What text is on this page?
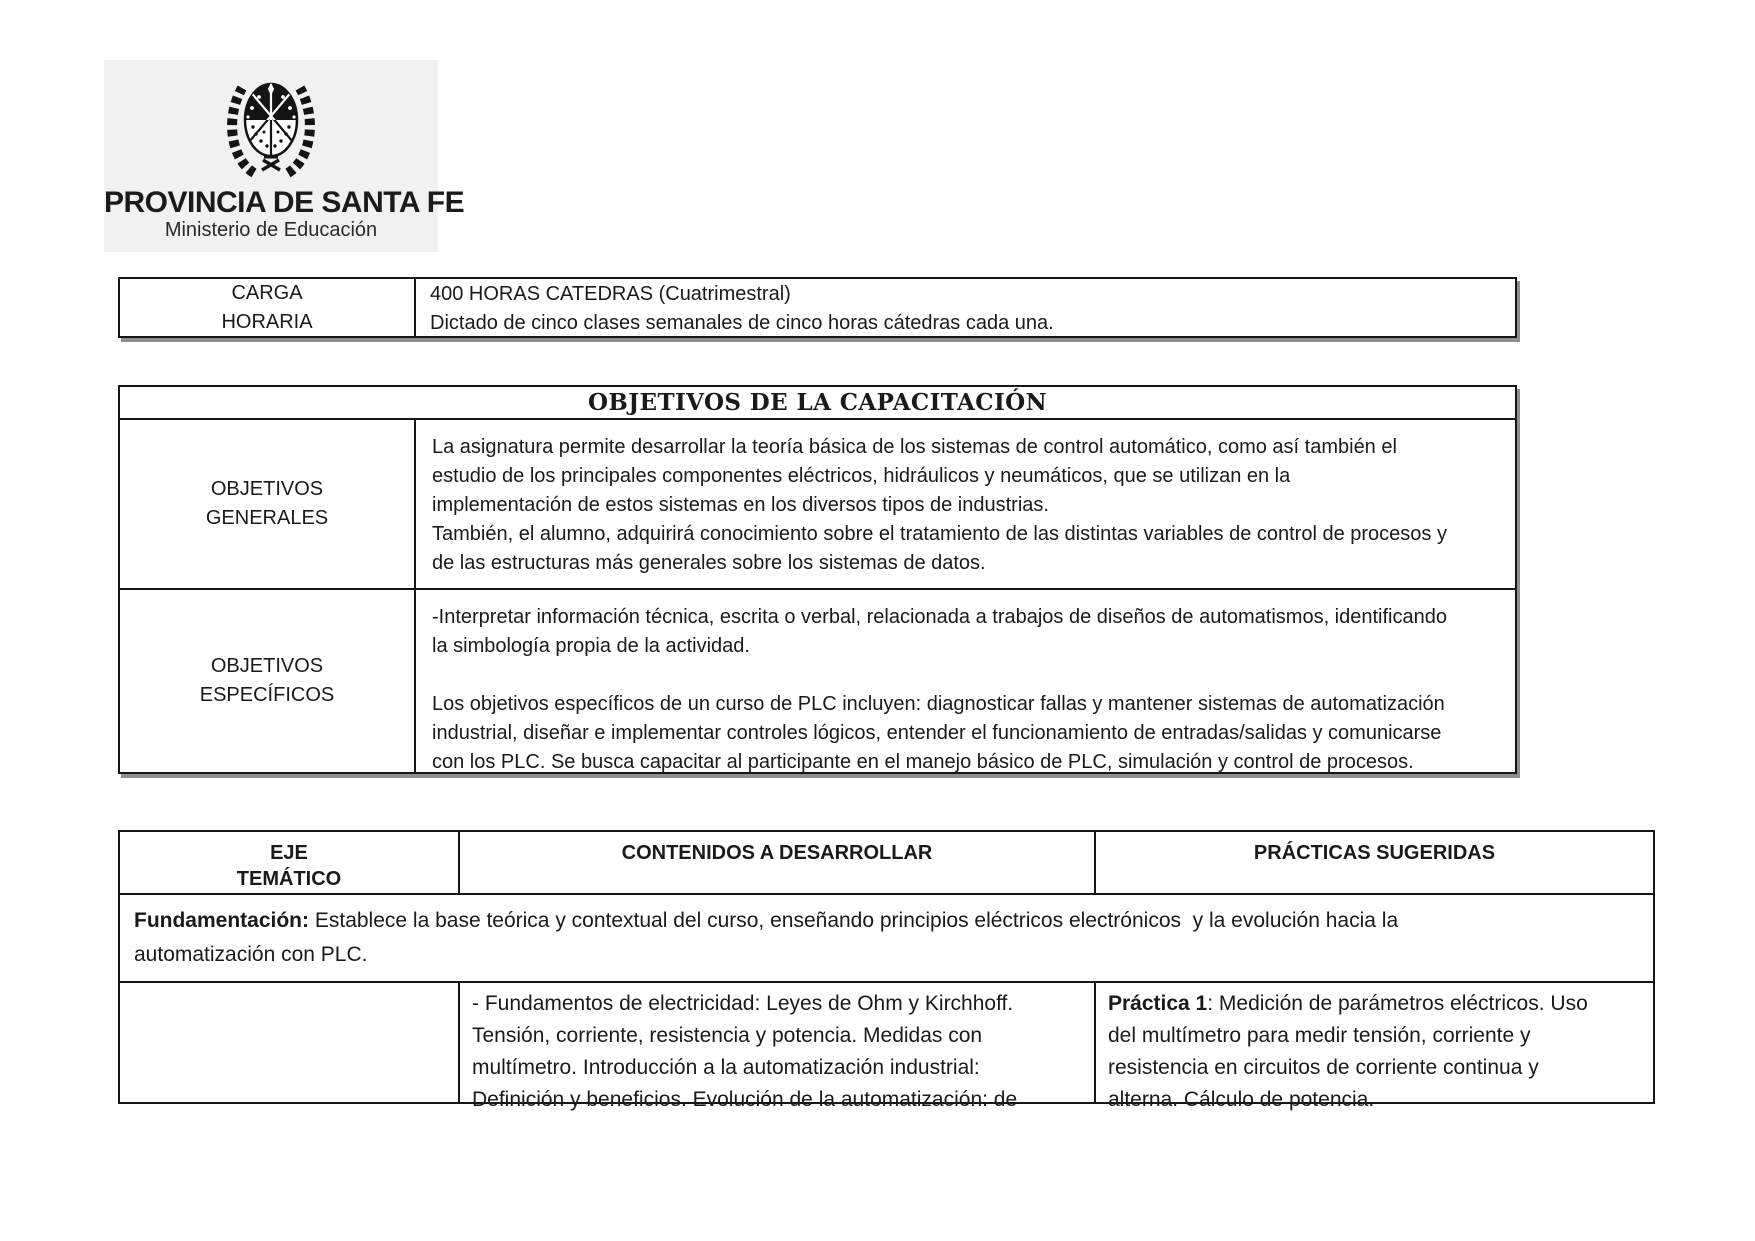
PROVINCIA DE SANTA FE
Ministerio de Educación
CARGA
HORARIA
400 HORAS CATEDRAS (Cuatrimestral)
Dictado de cinco clases semanales de cinco horas cátedras cada una.
OBJETIVOS DE LA CAPACITACIÓN
OBJETIVOS
GENERALES
La asignatura permite desarrollar la teoría básica de los sistemas de control automático, como así también el
estudio de los principales componentes eléctricos, hidráulicos y neumáticos, que se utilizan en la
implementación de estos sistemas en los diversos tipos de industrias.
También, el alumno, adquirirá conocimiento sobre el tratamiento de las distintas variables de control de procesos y
de las estructuras más generales sobre los sistemas de datos.
OBJETIVOS
ESPECÍFICOS
-Interpretar información técnica, escrita o verbal, relacionada a trabajos de diseños de automatismos, identificando
la simbología propia de la actividad.
Los objetivos específicos de un curso de PLC incluyen: diagnosticar fallas y mantener sistemas de automatización
industrial, diseñar e implementar controles lógicos, entender el funcionamiento de entradas/salidas y comunicarse
con los PLC. Se busca capacitar al participante en el manejo básico de PLC, simulación y control de procesos.
EJE
TEMÁTICO
CONTENIDOS A DESARROLLAR	PRÁCTICAS SUGERIDAS
Fundamentación: Establece la base teórica y contextual del curso, enseñando principios eléctricos electrónicos  y la evolución hacia la
automatización con PLC.
- Fundamentos de electricidad: Leyes de Ohm y Kirchhoff.
Tensión, corriente, resistencia y potencia. Medidas con
multímetro. Introducción a la automatización industrial:
Definición y beneficios. Evolución de la automatización: de
Práctica 1: Medición de parámetros eléctricos. Uso
del multímetro para medir tensión, corriente y
resistencia en circuitos de corriente continua y
alterna. Cálculo de potencia.
